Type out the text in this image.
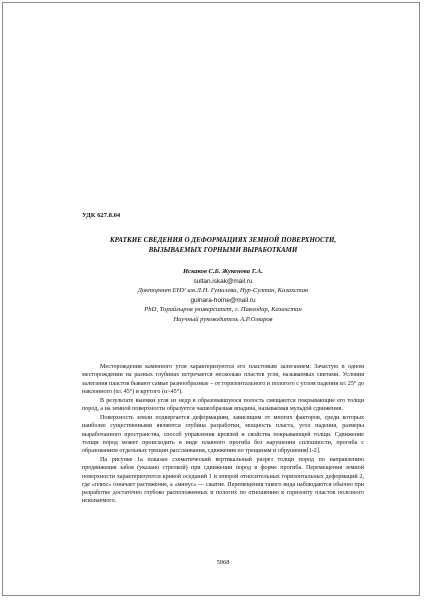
УДК 627.8.04
КРАТКИЕ СВЕДЕНИЯ О ДЕФОРМАЦИЯХ ЗЕМНОЙ ПОВЕРХНОСТИ,
ВЫЗЫВАЕМЫХ ГОРНЫМИ ВЫРАБОТКАМИ
Искаков С.Б. Жукенова Г.А.
sultan.iskak@mail.ru
Докторант ЕНУ им.Л.Н. Гумилева, Нур-Султан, Казахстан
gulnara-home@mail.ru
PhD, Торайғыров университет, г. Павлодар, Казахстан
Научный руководитель А.Р.Омаров

Месторождения каменного угля характеризуются его пластовым залеганием. Зачастую в одном месторождении на разных глубинах встречается несколько пластов угля, называемых свитами. Условия залегания пластов бывают самые разнообразные – от горизонтального и пологого с углом падения α≤ 25° до наклонного (α≤ 45°) и крутого (α>45°).

В результате выемки угля из недр в образовавшуюся полость смещаются покрывающие его толщи пород, а на земной поверхности образуется чашеобразная впадина, называемая мульдой сдвижения.

Поверхность земли подвергается деформациям, зависящим от многих факторов, среди которых наиболее существенными являются глубина разработки, мощность пласта, угол падения, размеры выработанного пространства, способ управления кровлей и свойства покрывающей толщи. Сдвижение толщи пород может происходить в виде плавного прогиба без нарушения сплошности, прогиба с образованием отдельных трещин расслаивания, сдвижения по трещинам и обрушения[1-2].

На рисунке 1а показан схематический вертикальный разрез толщи пород по направлению продвижения забоя (указано стрелкой) при сдвижении пород в форме прогиба. Перемещения земной поверхности характеризуются кривой оседаний 1 и эпюрой относительных горизонтальных деформаций 2, где «плюс» означает растяжение, а «минус» — сжатие. Перемещения такого вида наблюдаются обычно при разработке достаточно глубоко расположенных и пологих по отношению к горизонту пластов полезного ископаемого.

5968
